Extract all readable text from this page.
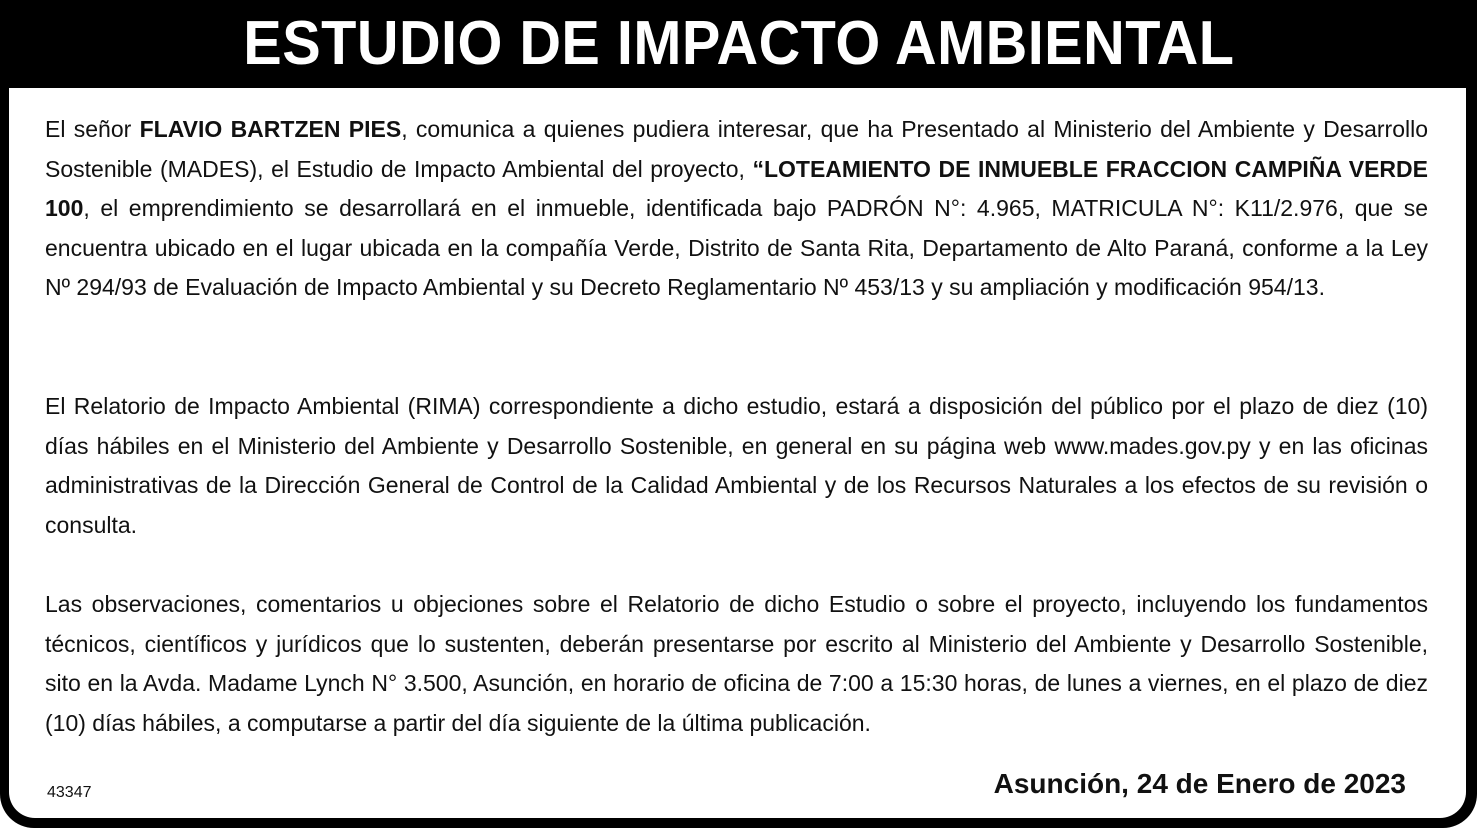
ESTUDIO DE IMPACTO AMBIENTAL

El señor FLAVIO BARTZEN PIES, comunica a quienes pudiera interesar, que ha Presentado al Ministerio del Ambiente y Desarrollo Sostenible (MADES), el Estudio de Impacto Ambiental del proyecto, “LOTEAMIENTO DE INMUEBLE FRACCION CAMPIÑA VERDE 100, el emprendimiento se desarrollará en el inmueble, identificada bajo PADRÓN N°: 4.965, MATRICULA N°: K11/2.976, que se encuentra ubicado en el lugar ubicada en la compañía Verde, Distrito de Santa Rita, Departamento de Alto Paraná, conforme a la Ley Nº 294/93 de Evaluación de Impacto Ambiental y su Decreto Reglamentario Nº 453/13 y su ampliación y modificación 954/13.

El Relatorio de Impacto Ambiental (RIMA) correspondiente a dicho estudio, estará a disposición del público por el plazo de diez (10) días hábiles en el Ministerio del Ambiente y Desarrollo Sostenible, en general en su página web www.mades.gov.py y en las oficinas administrativas de la Dirección General de Control de la Calidad Ambiental y de los Recursos Naturales a los efectos de su revisión o consulta.

Las observaciones, comentarios u objeciones sobre el Relatorio de dicho Estudio o sobre el proyecto, incluyendo los fundamentos técnicos, científicos y jurídicos que lo sustenten, deberán presentarse por escrito al Ministerio del Ambiente y Desarrollo Sostenible, sito en la Avda. Madame Lynch N° 3.500, Asunción, en horario de oficina de 7:00 a 15:30 horas, de lunes a viernes, en el plazo de diez (10) días hábiles, a computarse a partir del día siguiente de la última publicación.

43347	Asunción, 24 de Enero de 2023
